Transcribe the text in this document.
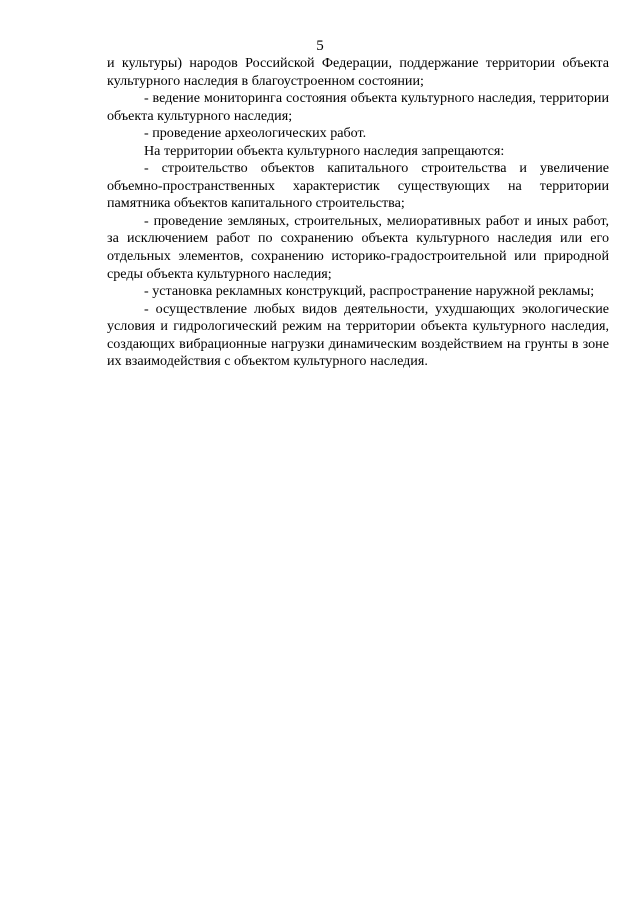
5

и культуры) народов Российской Федерации, поддержание территории объекта культурного наследия в благоустроенном состоянии;

- ведение мониторинга состояния объекта культурного наследия, территории объекта культурного наследия;

- проведение археологических работ.

На территории объекта культурного наследия запрещаются:

- строительство объектов капитального строительства и увеличение объемно-пространственных характеристик существующих на территории памятника объектов капитального строительства;

- проведение земляных, строительных, мелиоративных работ и иных работ, за исключением работ по сохранению объекта культурного наследия или его отдельных элементов, сохранению историко-градостроительной или природной среды объекта культурного наследия;

- установка рекламных конструкций, распространение наружной рекламы;

- осуществление любых видов деятельности, ухудшающих экологические условия и гидрологический режим на территории объекта культурного наследия, создающих вибрационные нагрузки динамическим воздействием на грунты в зоне их взаимодействия с объектом культурного наследия.
